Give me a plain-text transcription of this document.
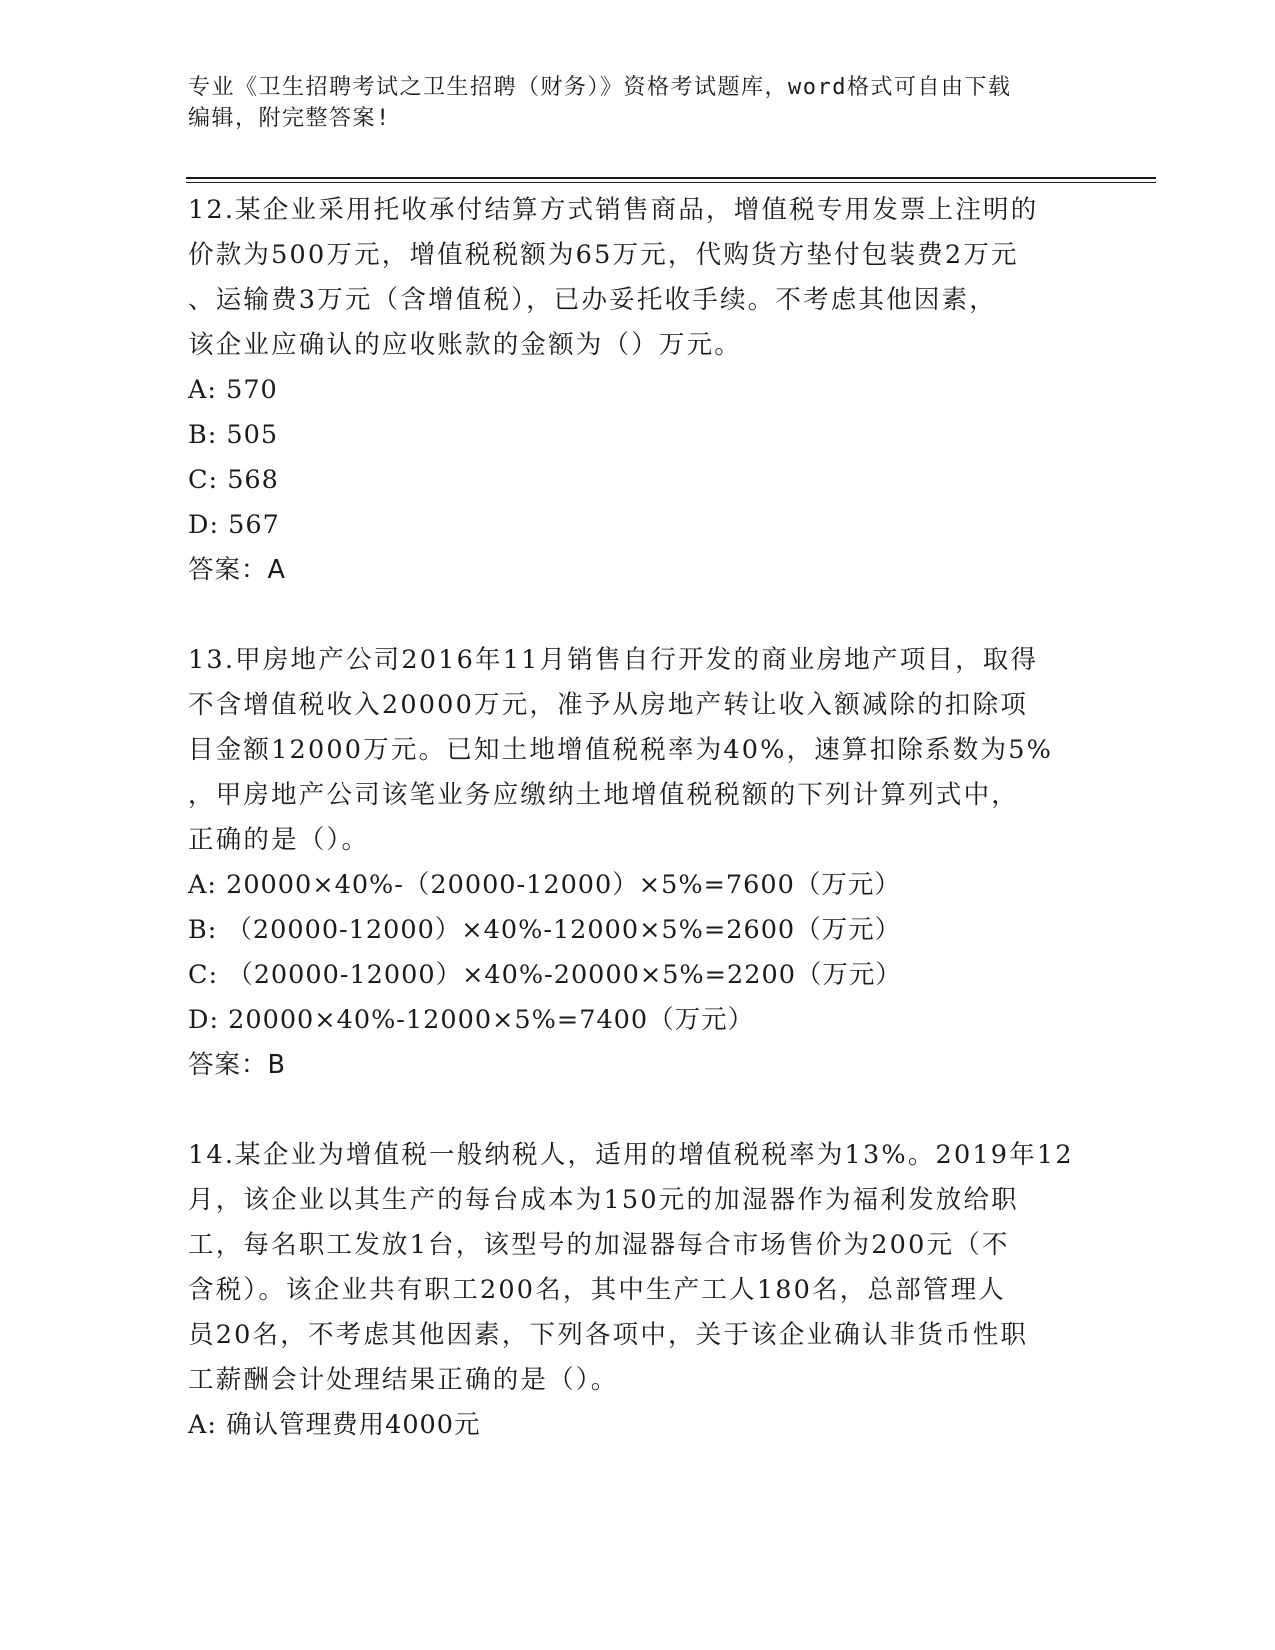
专业《卫生招聘考试之卫生招聘（财务）》资格考试题库，word格式可自由下载
编辑，附完整答案!

12.某企业采用托收承付结算方式销售商品，增值税专用发票上注明的

价款为500万元，增值税税额为65万元，代购货方垫付包装费2万元

、运输费3万元（含增值税），已办妥托收手续。不考虑其他因素，

该企业应确认的应收账款的金额为（）万元。

A: 570

B: 505

C: 568

D: 567

答案：A

13.甲房地产公司2016年11月销售自行开发的商业房地产项目，取得

不含增值税收入20000万元，准予从房地产转让收入额减除的扣除项

目金额12000万元。已知土地增值税税率为40%，速算扣除系数为5%

，甲房地产公司该笔业务应缴纳土地增值税税额的下列计算列式中，

正确的是（）。

A: 20000×40%-（20000-12000）×5%=7600（万元）

B: （20000-12000）×40%-12000×5%=2600（万元）

C: （20000-12000）×40%-20000×5%=2200（万元）

D: 20000×40%-12000×5%=7400（万元）

答案：B

14.某企业为增值税一般纳税人，适用的增值税税率为13%。2019年12

月，该企业以其生产的每台成本为150元的加湿器作为福利发放给职

工，每名职工发放1台，该型号的加湿器每合市场售价为200元（不

含税）。该企业共有职工200名，其中生产工人180名，总部管理人

员20名，不考虑其他因素，下列各项中，关于该企业确认非货币性职

工薪酬会计处理结果正确的是（）。

A: 确认管理费用4000元
